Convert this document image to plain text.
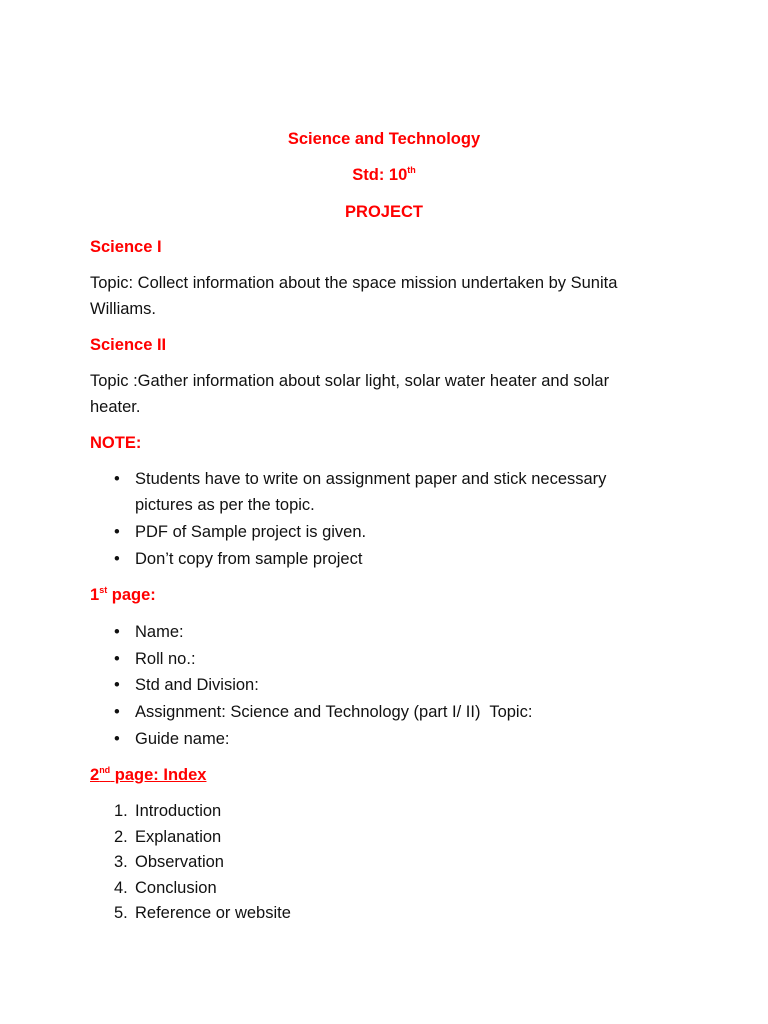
Science and Technology
Std: 10th
PROJECT
Science I
Topic: Collect information about the space mission undertaken by Sunita
Williams.
Science II
Topic :Gather information about solar light, solar water heater and solar
heater.
NOTE:
• Students have to write on assignment paper and stick necessary
pictures as per the topic.
• PDF of Sample project is given.
• Don’t copy from sample project
1st page:
• Name:
• Roll no.:
• Std and Division:
• Assignment: Science and Technology (part I/ II)  Topic:
• Guide name:
2nd page: Index
1. Introduction
2. Explanation
3. Observation
4. Conclusion
5. Reference or website
